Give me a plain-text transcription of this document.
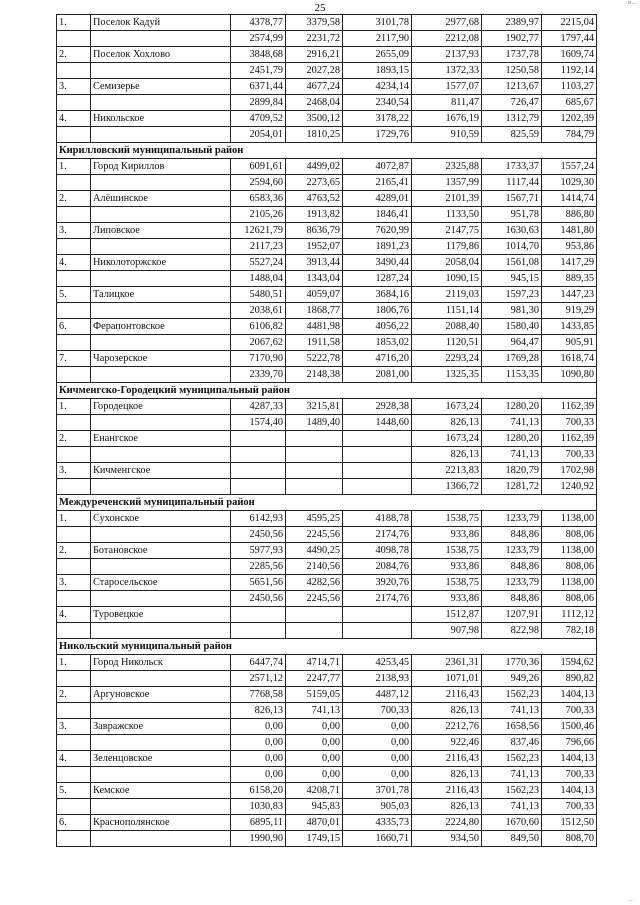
25	п...
1.	Поселок Кадуй	4378,77	3379,58	3101,78	2977,68	2389,97	2215,04
		2574,99	2231,72	2117,90	2212,08	1902,77	1797,44
2.	Поселок Хохлово	3848,68	2916,21	2655,09	2137,93	1737,78	1609,74
		2451,79	2027,28	1893,15	1372,33	1250,58	1192,14
3.	Семизерье	6371,44	4677,24	4234,14	1577,07	1213,67	1103,27
		2899,84	2468,04	2340,54	811,47	726,47	685,67
4.	Никольское	4709,52	3500,12	3178,22	1676,19	1312,79	1202,39
		2054,01	1810,25	1729,76	910,59	825,59	784,79
Кирилловский муниципальный район							
1.	Город Кириллов	6091,61	4499,02	4072,87	2325,88	1733,37	1557,24
		2594,60	2273,65	2165,41	1357,99	1117,44	1029,30
2.	Алёшинское	6583,36	4763,52	4289,01	2101,39	1567,71	1414,74
		2105,26	1913,82	1846,41	1133,50	951,78	886,80
3.	Липовское	12621,79	8636,79	7620,99	2147,75	1630,63	1481,80
		2117,23	1952,07	1891,23	1179,86	1014,70	953,86
4.	Николоторжское	5527,24	3913,44	3490,44	2058,04	1561,08	1417,29
		1488,04	1343,04	1287,24	1090,15	945,15	889,35
5.	Талицкое	5480,51	4059,07	3684,16	2119,03	1597,23	1447,23
		2038,61	1868,77	1806,76	1151,14	981,30	919,29
6.	Ферапонтовское	6106,82	4481,98	4056,22	2088,40	1580,40	1433,85
		2067,62	1911,58	1853,02	1120,51	964,47	905,91
7.	Чарозерское	7170,90	5222,78	4716,20	2293,24	1769,28	1618,74
		2339,70	2148,38	2081,00	1325,35	1153,35	1090,80
Кичменгско-Городецкий муниципальный район							
1.	Городецкое	4287,33	3215,81	2928,38	1673,24	1280,20	1162,39
		1574,40	1489,40	1448,60	826,13	741,13	700,33
2.	Енангское				1673,24	1280,20	1162,39
					826,13	741,13	700,33
3.	Кичменгское				2213,83	1820,79	1702,98
					1366,72	1281,72	1240,92
Междуреченский муниципальный район							
1.	Сухонское	6142,93	4595,25	4188,78	1538,75	1233,79	1138,00
		2450,56	2245,56	2174,76	933,86	848,86	808,06
2.	Ботановское	5977,93	4490,25	4098,78	1538,75	1233,79	1138,00
		2285,56	2140,56	2084,76	933,86	848,86	808,06
3.	Старосельское	5651,56	4282,56	3920,76	1538,75	1233,79	1138,00
		2450,56	2245,56	2174,76	933,86	848,86	808,06
4.	Туровецкое				1512,87	1207,91	1112,12
					907,98	822,98	782,18
Никольский муниципальный район							
1.	Город Никольск	6447,74	4714,71	4253,45	2361,31	1770,36	1594,62
		2571,12	2247,77	2138,93	1071,01	949,26	890,82
2.	Аргуновское	7768,58	5159,05	4487,12	2116,43	1562,23	1404,13
		826,13	741,13	700,33	826,13	741,13	700,33
3.	Завражское	0,00	0,00	0,00	2212,76	1658,56	1500,46
		0,00	0,00	0,00	922,46	837,46	796,66
4.	Зеленцовское	0,00	0,00	0,00	2116,43	1562,23	1404,13
		0,00	0,00	0,00	826,13	741,13	700,33
5.	Кемское	6158,20	4208,71	3701,78	2116,43	1562,23	1404,13
		1030,83	945,83	905,03	826,13	741,13	700,33
6.	Краснополянское	6895,11	4870,01	4335,73	2224,80	1670,60	1512,50
		1990,90	1749,15	1660,71	934,50	849,50	808,70
....
